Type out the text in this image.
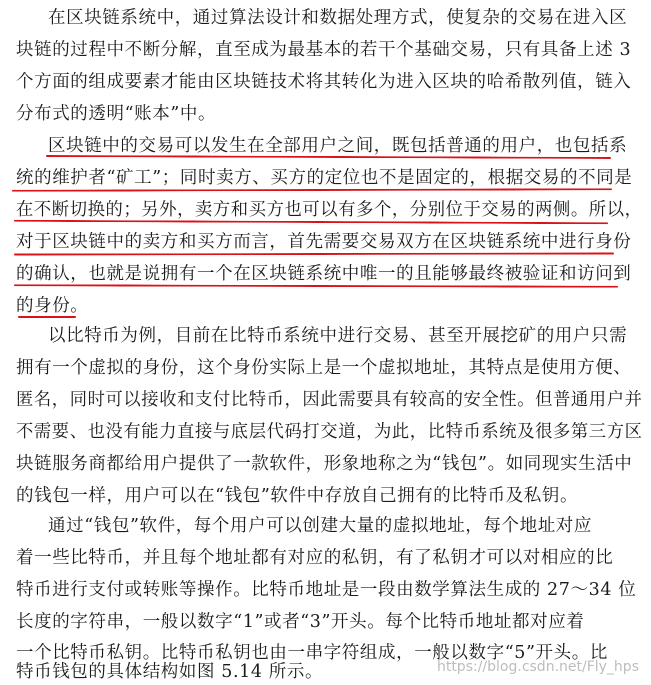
在区块链系统中，通过算法设计和数据处理方式，使复杂的交易在进入区
块链的过程中不断分解，直至成为最基本的若干个基础交易，只有具备上述 3
个方面的组成要素才能由区块链技术将其转化为进入区块的哈希散列值，链入
分布式的透明“账本”中。
区块链中的交易可以发生在全部用户之间，既包括普通的用户，也包括系
统的维护者“矿工”；同时卖方、买方的定位也不是固定的，根据交易的不同是
在不断切换的；另外，卖方和买方也可以有多个，分别位于交易的两侧。所以，
对于区块链中的卖方和买方而言，首先需要交易双方在区块链系统中进行身份
的确认，也就是说拥有一个在区块链系统中唯一的且能够最终被验证和访问到
的身份。
以比特币为例，目前在比特币系统中进行交易、甚至开展挖矿的用户只需
拥有一个虚拟的身份，这个身份实际上是一个虚拟地址，其特点是使用方便、
匿名，同时可以接收和支付比特币，因此需要具有较高的安全性。但普通用户并
不需要、也没有能力直接与底层代码打交道，为此，比特币系统及很多第三方区
块链服务商都给用户提供了一款软件，形象地称之为“钱包”。如同现实生活中
的钱包一样，用户可以在“钱包”软件中存放自己拥有的比特币及私钥。
通过“钱包”软件，每个用户可以创建大量的虚拟地址，每个地址对应
着一些比特币，并且每个地址都有对应的私钥，有了私钥才可以对相应的比
特币进行支付或转账等操作。比特币地址是一段由数学算法生成的 27～34 位
长度的字符串，一般以数字“1”或者“3”开头。每个比特币地址都对应着
一个比特币私钥。比特币私钥也由一串字符组成，一般以数字“5”开头。比
特币钱包的具体结构如图 5.14 所示。	https://blog.csdn.net/Fly_hps
